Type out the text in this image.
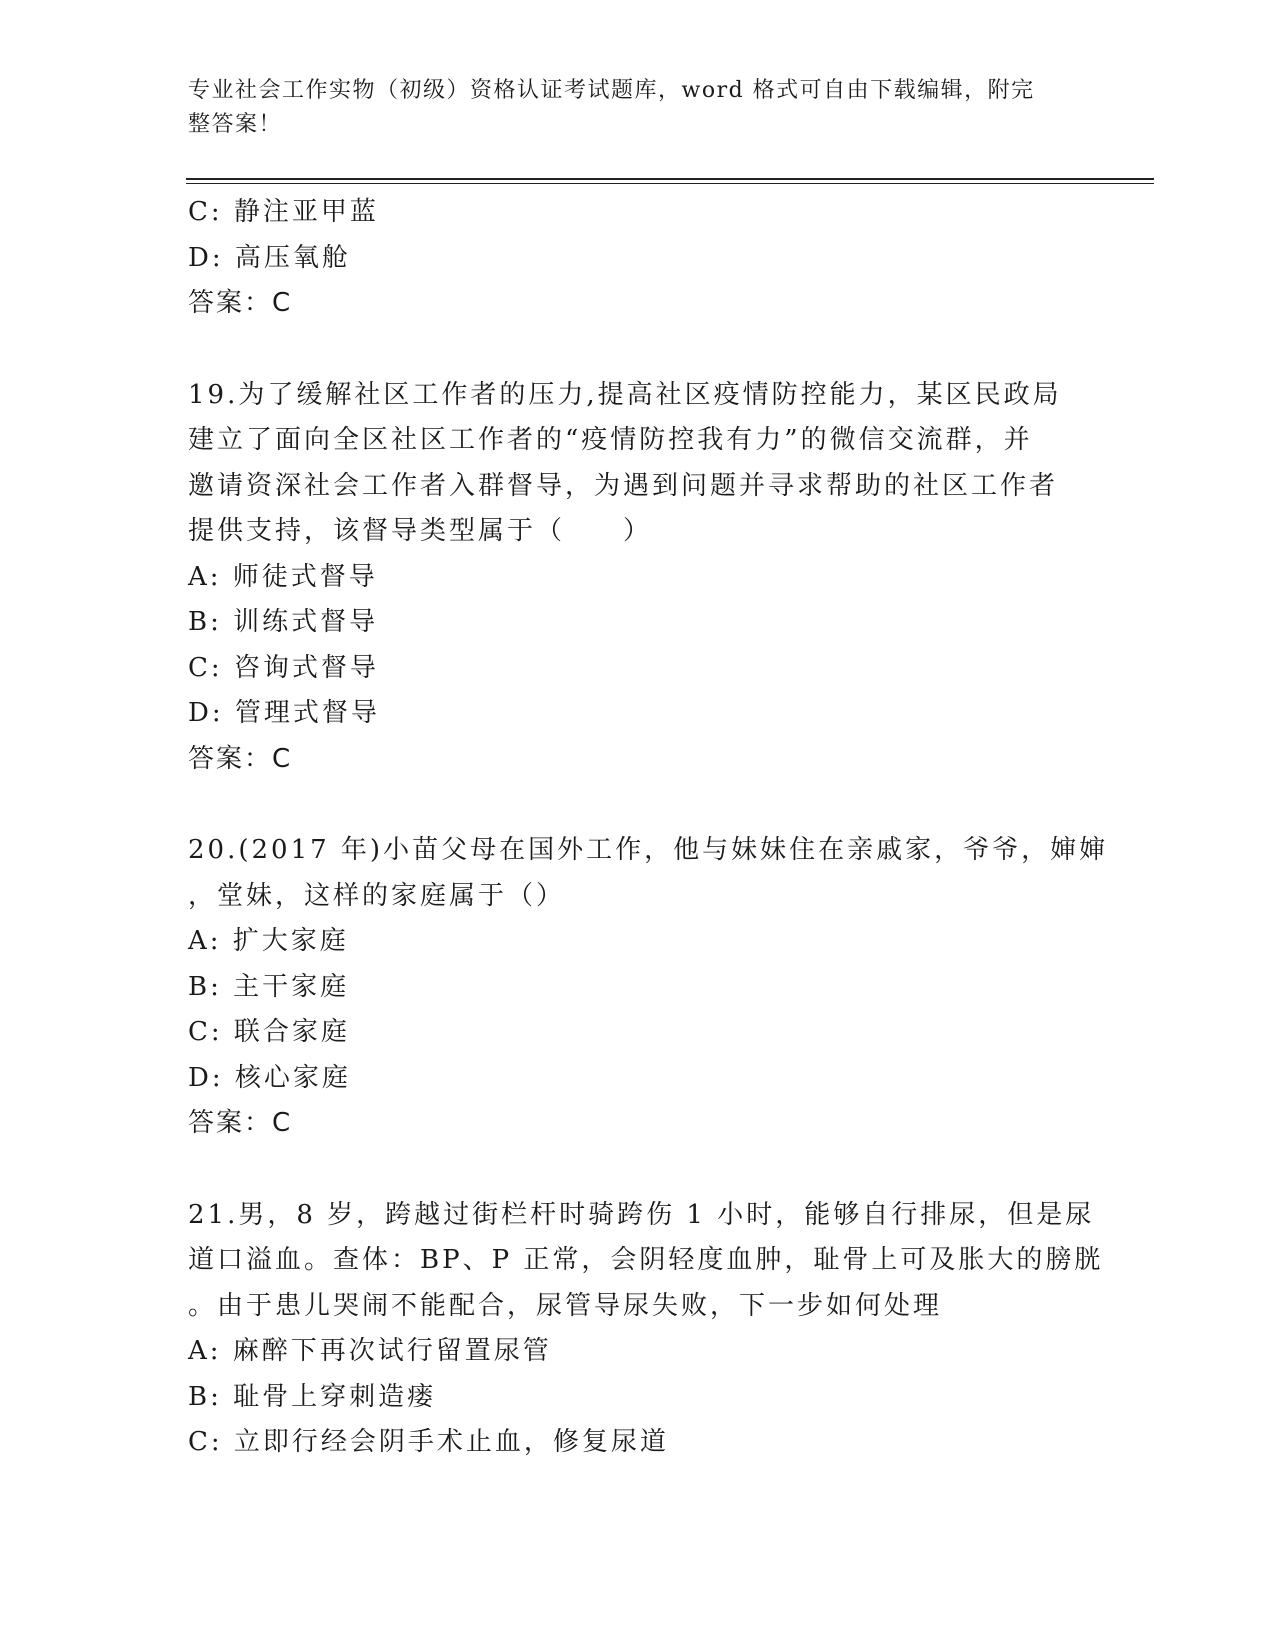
专业社会工作实物（初级）资格认证考试题库，word 格式可自由下载编辑，附完
整答案！
C: 静注亚甲蓝
D: 高压氧舱
答案：C
19.为了缓解社区工作者的压力,提高社区疫情防控能力，某区民政局
建立了面向全区社区工作者的“疫情防控我有力”的微信交流群，并
邀请资深社会工作者入群督导，为遇到问题并寻求帮助的社区工作者
提供支持，该督导类型属于（　　）
A: 师徒式督导
B: 训练式督导
C: 咨询式督导
D: 管理式督导
答案：C
20.(2017 年)小苗父母在国外工作，他与妹妹住在亲戚家，爷爷，婶婶
，堂妹，这样的家庭属于（）
A: 扩大家庭
B: 主干家庭
C: 联合家庭
D: 核心家庭
答案：C
21.男，8 岁，跨越过街栏杆时骑跨伤 1 小时，能够自行排尿，但是尿
道口溢血。查体：BP、P 正常，会阴轻度血肿，耻骨上可及胀大的膀胱
。由于患儿哭闹不能配合，尿管导尿失败，下一步如何处理
A: 麻醉下再次试行留置尿管
B: 耻骨上穿刺造瘘
C: 立即行经会阴手术止血，修复尿道
